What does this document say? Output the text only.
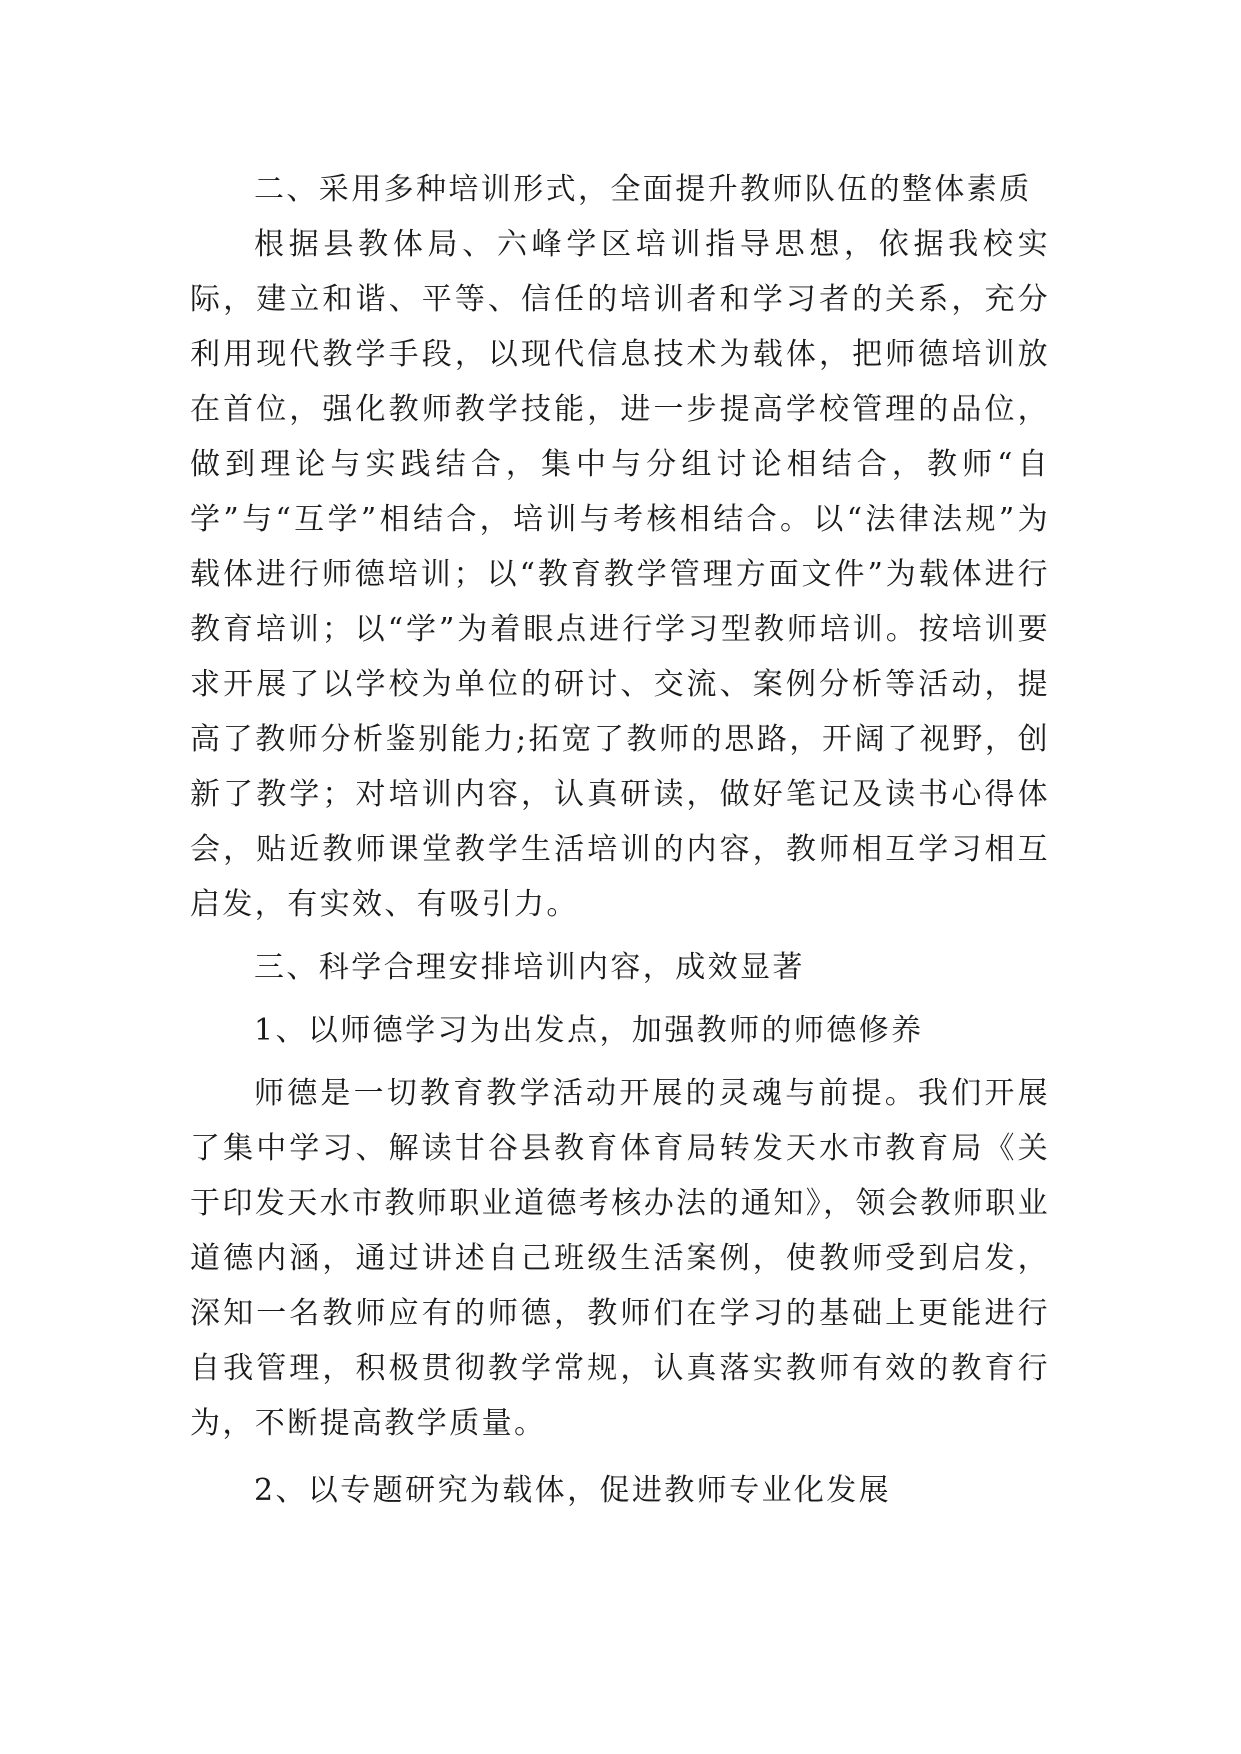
二、采用多种培训形式，全面提升教师队伍的整体素质

根据县教体局、六峰学区培训指导思想，依据我校实际，建立和谐、平等、信任的培训者和学习者的关系，充分利用现代教学手段，以现代信息技术为载体，把师德培训放在首位，强化教师教学技能，进一步提高学校管理的品位，做到理论与实践结合，集中与分组讨论相结合，教师“自学”与“互学”相结合，培训与考核相结合。以“法律法规”为载体进行师德培训；以“教育教学管理方面文件”为载体进行教育培训；以“学”为着眼点进行学习型教师培训。按培训要求开展了以学校为单位的研讨、交流、案例分析等活动，提高了教师分析鉴别能力;拓宽了教师的思路，开阔了视野，创新了教学；对培训内容，认真研读，做好笔记及读书心得体会，贴近教师课堂教学生活培训的内容，教师相互学习相互启发，有实效、有吸引力。

三、科学合理安排培训内容，成效显著

1、以师德学习为出发点，加强教师的师德修养

师德是一切教育教学活动开展的灵魂与前提。我们开展了集中学习、解读甘谷县教育体育局转发天水市教育局《关于印发天水市教师职业道德考核办法的通知》，领会教师职业道德内涵，通过讲述自己班级生活案例，使教师受到启发，深知一名教师应有的师德，教师们在学习的基础上更能进行自我管理，积极贯彻教学常规，认真落实教师有效的教育行为，不断提高教学质量。

2、以专题研究为载体，促进教师专业化发展
